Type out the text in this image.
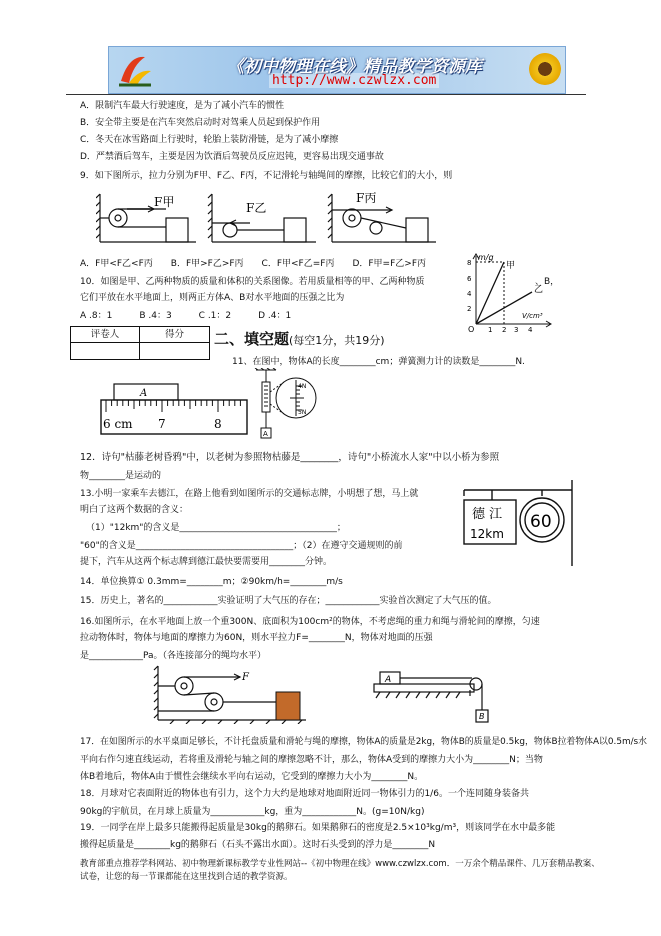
《初中物理在线》精品教学资源库
http://www.czwlzx.com
A．限制汽车最大行驶速度，是为了减小汽车的惯性
B．安全带主要是在汽车突然启动时对驾乘人员起到保护作用
C．冬天在冰雪路面上行驶时，轮胎上装防滑链，是为了减小摩擦
D．严禁酒后驾车，主要是因为饮酒后驾驶员反应迟钝，更容易出现交通事故
9．如下图所示，拉力分别为F甲、F乙、F丙，不记滑轮与轴绳间的摩擦，比较它们的大小，则
F甲	F乙
F丙
A．F甲<F乙<F丙　　B．F甲>F乙>F丙　　C．F甲<F乙=F丙　　D．F甲=F乙>F丙
10．如图是甲、乙两种物质的质量和体积的关系图像。若用质量相等的甲、乙两种物质	、B，
它们平放在水平地面上，则两正方体A、B对水平地面的压强之比为
A .8：1　　　B .4：3　　　C .1：2　　　D .4：1
m/g
V/cm³
甲
乙
8
6
4
2
O 1 2 3 4
评卷人	得分	二、填空题(每空1分，共19分)
11、在图中，物体A的长度________cm；弹簧测力计的读数是________N.
A
6 cm 7	8
A
4N
5N
12．诗句"枯藤老树昏鸦"中，以老树为参照物枯藤是________，诗句"小桥流水人家"中以小桥为参照
物________是运动的
13.小明一家乘车去德江，在路上他看到如图所示的交通标志牌，小明想了想，马上就
明白了这两个数据的含义：
（1）"12km"的含义是___________________________________；
"60"的含义是___________________________________；（2）在遵守交通规则的前
提下，汽车从这两个标志牌到德江最快要需要用________分钟。
德 江
12km
60
14．单位换算① 0.3mm=________m；②90km/h=________m/s
15．历史上，著名的____________实验证明了大气压的存在；____________实验首次测定了大气压的值。
16.如图所示，在水平地面上放一个重300N、底面积为100cm²的物体，不考虑绳的重力和绳与滑轮间的摩擦，匀速
拉动物体时，物体与地面的摩擦力为60N，则水平拉力F=________N，物体对地面的压强
是____________Pa。（各连接部分的绳均水平）
F	A
B
17．在如图所示的水平桌面足够长，不计托盘质量和滑轮与绳的摩擦，物体A的质量是2kg，物体B的质量是0.5kg，物体B拉着物体A以0.5m/s水
平向右作匀速直线运动，若将重及滑轮与轴之间的摩擦忽略不计，那么，物体A受到的摩擦力大小为________N；当物
体B着地后，物体A由于惯性会继续水平向右运动，它受到的摩擦力大小为________N。
18．月球对它表面附近的物体也有引力，这个力大约是地球对地面附近同一物体引力的1/6。一个连同随身装备共
90kg的宇航员，在月球上质量为____________kg，重为____________N。(g=10N/kg)
19．一同学在岸上最多只能搬得起质量是30kg的鹅卵石。如果鹅卵石的密度是2.5×10³kg/m³，则该同学在水中最多能
搬得起质量是________kg的鹅卵石（石头不露出水面）。这时石头受到的浮力是________N
教育部重点推荐学科网站、初中物理新课标教学专业性网站--《初中物理在线》www.czwlzx.com．一万余个精品课件、几万套精品教案、试卷，让您的每一节课都能在这里找到合适的教学资源。
